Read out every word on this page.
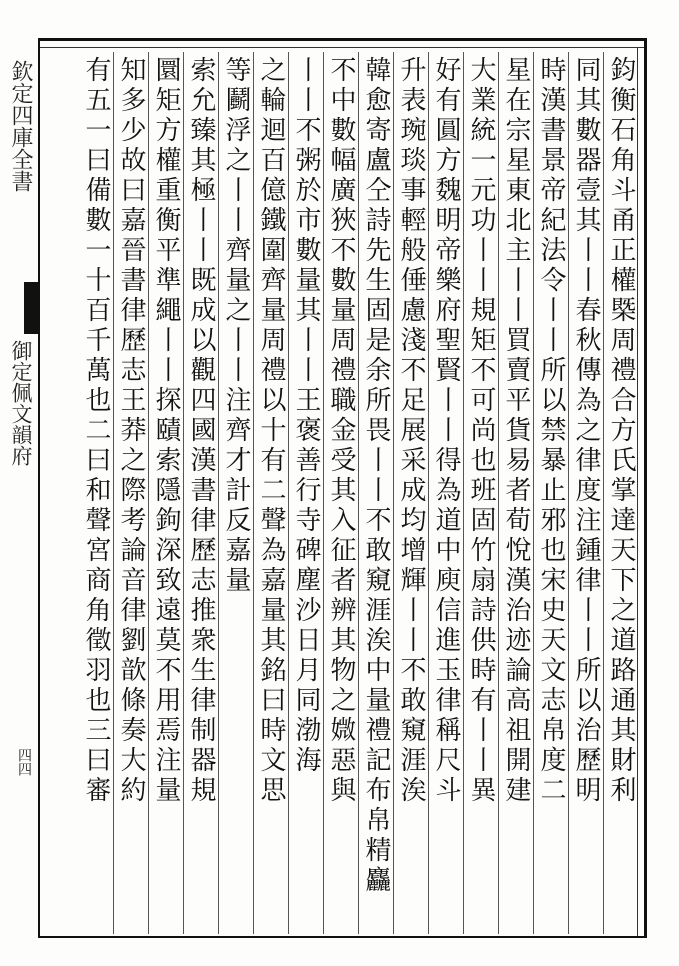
欽定四庫全書
御定佩文韻府
四四	鈞衡石角斗甬正權槩周禮合方氏掌達天下之道路通其財利
同其數器壹其丨丨春秋傳為之律度注鍾律丨丨所以治歷明
時漢書景帝紀法令丨丨所以禁暴止邪也宋史天文志帛度二
星在宗星東北主丨丨買賣平貨易者荀悅漢治迹論高祖開建
大業統一元功丨丨規矩不可尚也班固竹扇詩供時有丨丨異
好有圓方魏明帝樂府聖賢丨丨得為道中庾信進玉律稱尺斗
升表琬琰事輕般倕慮淺不足展采成均增輝丨丨不敢窺涯涘
韓愈寄盧仝詩先生固是余所畏丨丨不敢窺涯涘中量禮記布帛精麤
不中數幅廣狹不數量周禮職金受其入征者辨其物之媺惡與
丨丨不粥於市數量其丨丨王褒善行寺碑塵沙日月同渤海
之輪迴百億鐵圍齊量周禮以十有二聲為嘉量其銘曰時文思
等鬬浮之丨丨齊量之丨丨注齊才計反嘉量
索允臻其極丨丨既成以觀四國漢書律歷志推衆生律制器規
圜矩方權重衡平準繩丨丨探賾索隱鉤深致遠莫不用焉注量
知多少故曰嘉晉書律歷志王莽之際考論音律劉歆條奏大約
有五一曰備數一十百千萬也二曰和聲宮商角徵羽也三曰審
